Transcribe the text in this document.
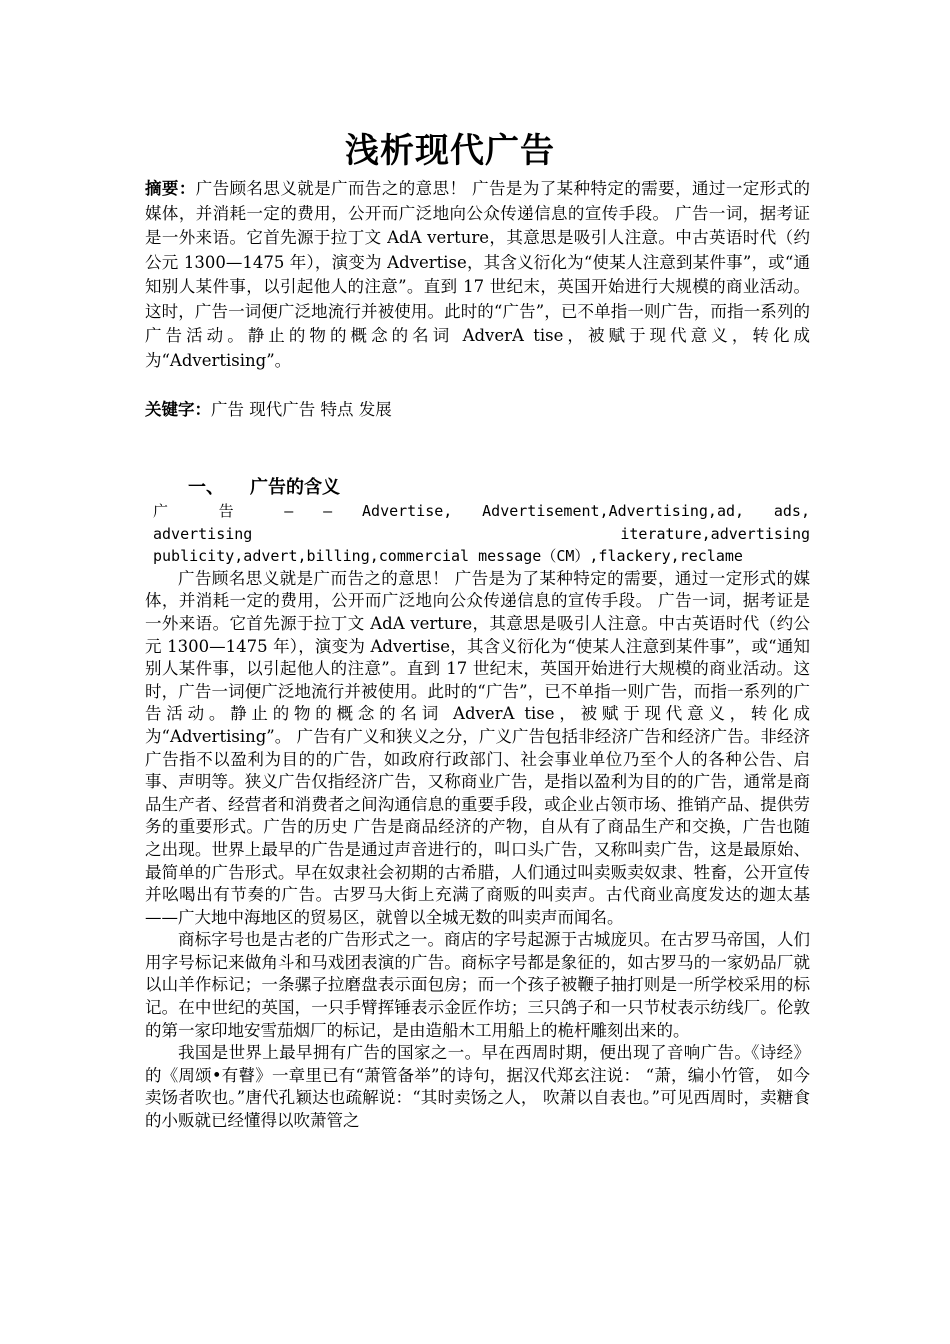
浅析现代广告
摘要：广告顾名思义就是广而告之的意思！ 广告是为了某种特定的需要，通过一定形式的媒体，并消耗一定的费用，公开而广泛地向公众传递信息的宣传手段。 广告一词，据考证是一外来语。它首先源于拉丁文 AdA verture，其意思是吸引人注意。中古英语时代（约公元 1300—1475 年），演变为 Advertise，其含义衍化为“使某人注意到某件事”，或“通知别人某件事，以引起他人的注意”。直到 17 世纪末，英国开始进行大规模的商业活动。这时，广告一词便广泛地流行并被使用。此时的“广告”，已不单指一则广告，而指一系列的广告活动。静止的物的概念的名词 AdverA tise，被赋于现代意义，转化成为“Advertising”。
关键字：广告 现代广告 特点 发展
一、 广告的含义

广 告 — — Advertise, Advertisement,Advertising,ad, ads,

advertising iterature,advertising

publicity,advert,billing,commercial message（CM）,flackery,reclame

广告顾名思义就是广而告之的意思！ 广告是为了某种特定的需要，通过一定形式的媒体，并消耗一定的费用，公开而广泛地向公众传递信息的宣传手段。 广告一词，据考证是一外来语。它首先源于拉丁文 AdA verture，其意思是吸引人注意。中古英语时代（约公元 1300—1475 年），演变为 Advertise，其含义衍化为“使某人注意到某件事”，或“通知别人某件事，以引起他人的注意”。直到 17 世纪末，英国开始进行大规模的商业活动。这时，广告一词便广泛地流行并被使用。此时的“广告”，已不单指一则广告，而指一系列的广告活动。静止的物的概念的名词 AdverA tise，被赋于现代意义，转化成为“Advertising”。 广告有广义和狭义之分，广义广告包括非经济广告和经济广告。非经济广告指不以盈利为目的的广告，如政府行政部门、社会事业单位乃至个人的各种公告、启事、声明等。狭义广告仅指经济广告，又称商业广告，是指以盈利为目的的广告，通常是商品生产者、经营者和消费者之间沟通信息的重要手段，或企业占领市场、推销产品、提供劳务的重要形式。广告的历史 广告是商品经济的产物，自从有了商品生产和交换，广告也随之出现。世界上最早的广告是通过声音进行的，叫口头广告，又称叫卖广告，这是最原始、最简单的广告形式。早在奴隶社会初期的古希腊，人们通过叫卖贩卖奴隶、牲畜，公开宣传并吆喝出有节奏的广告。古罗马大街上充满了商贩的叫卖声。古代商业高度发达的迦太基——广大地中海地区的贸易区，就曾以全城无数的叫卖声而闻名。

商标字号也是古老的广告形式之一。商店的字号起源于古城庞贝。在古罗马帝国，人们用字号标记来做角斗和马戏团表演的广告。商标字号都是象征的，如古罗马的一家奶品厂就以山羊作标记；一条骡子拉磨盘表示面包房；而一个孩子被鞭子抽打则是一所学校采用的标记。在中世纪的英国，一只手臂挥锤表示金匠作坊；三只鸽子和一只节杖表示纺线厂。伦敦的第一家印地安雪茄烟厂的标记，是由造船木工用船上的桅杆雕刻出来的。

我国是世界上最早拥有广告的国家之一。早在西周时期，便出现了音响广告。《诗经》的《周颂•有瞽》一章里已有“萧管备举”的诗句，据汉代郑玄注说： “萧，编小竹管， 如今卖饧者吹也。”唐代孔颖达也疏解说：“其时卖饧之人， 吹萧以自表也。”可见西周时，卖糖食的小贩就已经懂得以吹萧管之
